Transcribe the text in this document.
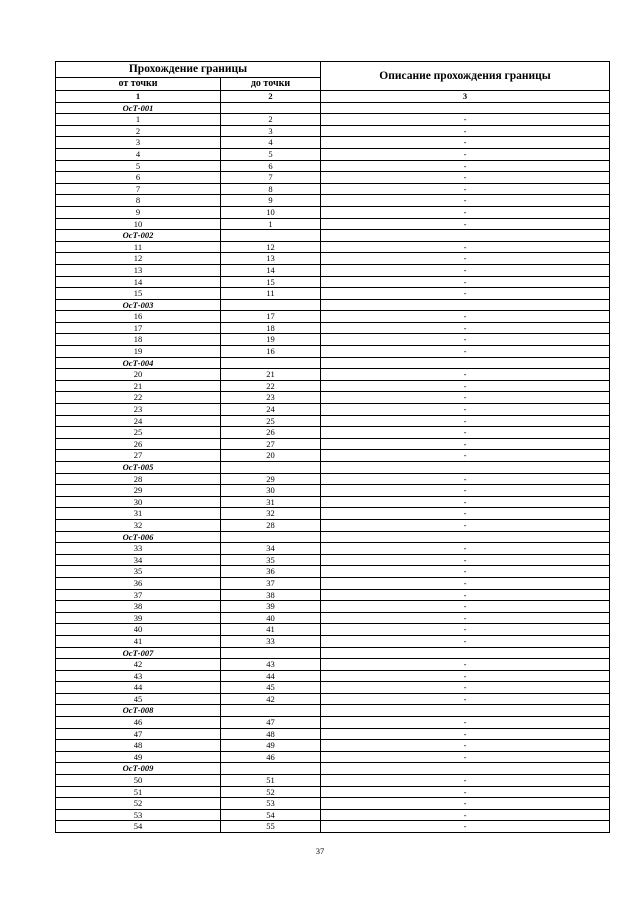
Прохождение границы		Описание прохождения границы
от точки	до точки	
1	2	3
ОсТ-001		
1	2	-
2	3	-
3	4	-
4	5	-
5	6	-
6	7	-
7	8	-
8	9	-
9	10	-
10	1	-
ОсТ-002		
11	12	-
12	13	-
13	14	-
14	15	-
15	11	-
ОсТ-003		
16	17	-
17	18	-
18	19	-
19	16	-
ОсТ-004		
20	21	-
21	22	-
22	23	-
23	24	-
24	25	-
25	26	-
26	27	-
27	20	-
ОсТ-005		
28	29	-
29	30	-
30	31	-
31	32	-
32	28	-
ОсТ-006		
33	34	-
34	35	-
35	36	-
36	37	-
37	38	-
38	39	-
39	40	-
40	41	-
41	33	-
ОсТ-007		
42	43	-
43	44	-
44	45	-
45	42	-
ОсТ-008		
46	47	-
47	48	-
48	49	-
49	46	-
ОсТ-009		
50	51	-
51	52	-
52	53	-
53	54	-
54	55	-
37
